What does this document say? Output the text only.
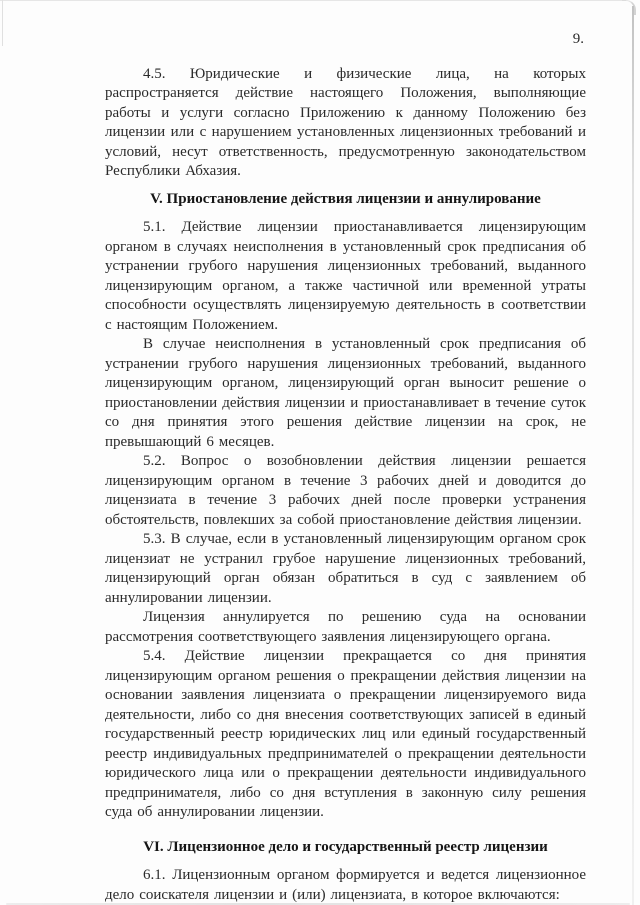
9.

4.5. Юридические и физические лица, на которых распространяется действие настоящего Положения, выполняющие работы и услуги согласно Приложению к данному Положению без лицензии или с нарушением установленных лицензионных требований и условий, несут ответственность, предусмотренную законодательством Республики Абхазия.

V. Приостановление действия лицензии и аннулирование

5.1. Действие лицензии приостанавливается лицензирующим органом в случаях неисполнения в установленный срок предписания об устранении грубого нарушения лицензионных требований, выданного лицензирующим органом, а также частичной или временной утраты способности осуществлять лицензируемую деятельность в соответствии с настоящим Положением.

В случае неисполнения в установленный срок предписания об устранении грубого нарушения лицензионных требований, выданного лицензирующим органом, лицензирующий орган выносит решение о приостановлении действия лицензии и приостанавливает в течение суток со дня принятия этого решения действие лицензии на срок, не превышающий 6 месяцев.

5.2. Вопрос о возобновлении действия лицензии решается лицензирующим органом в течение 3 рабочих дней и доводится до лицензиата в течение 3 рабочих дней после проверки устранения обстоятельств, повлекших за собой приостановление действия лицензии.

5.3. В случае, если в установленный лицензирующим органом срок лицензиат не устранил грубое нарушение лицензионных требований, лицензирующий орган обязан обратиться в суд с заявлением об аннулировании лицензии.

Лицензия аннулируется по решению суда на основании рассмотрения соответствующего заявления лицензирующего органа.

5.4. Действие лицензии прекращается со дня принятия лицензирующим органом решения о прекращении действия лицензии на основании заявления лицензиата о прекращении лицензируемого вида деятельности, либо со дня внесения соответствующих записей в единый государственный реестр юридических лиц или единый государственный реестр индивидуальных предпринимателей о прекращении деятельности юридического лица или о прекращении деятельности индивидуального предпринимателя, либо со дня вступления в законную силу решения суда об аннулировании лицензии.

VI. Лицензионное дело и государственный реестр лицензии

6.1. Лицензионным органом формируется и ведется лицензионное дело соискателя лицензии и (или) лицензиата, в которое включаются:
